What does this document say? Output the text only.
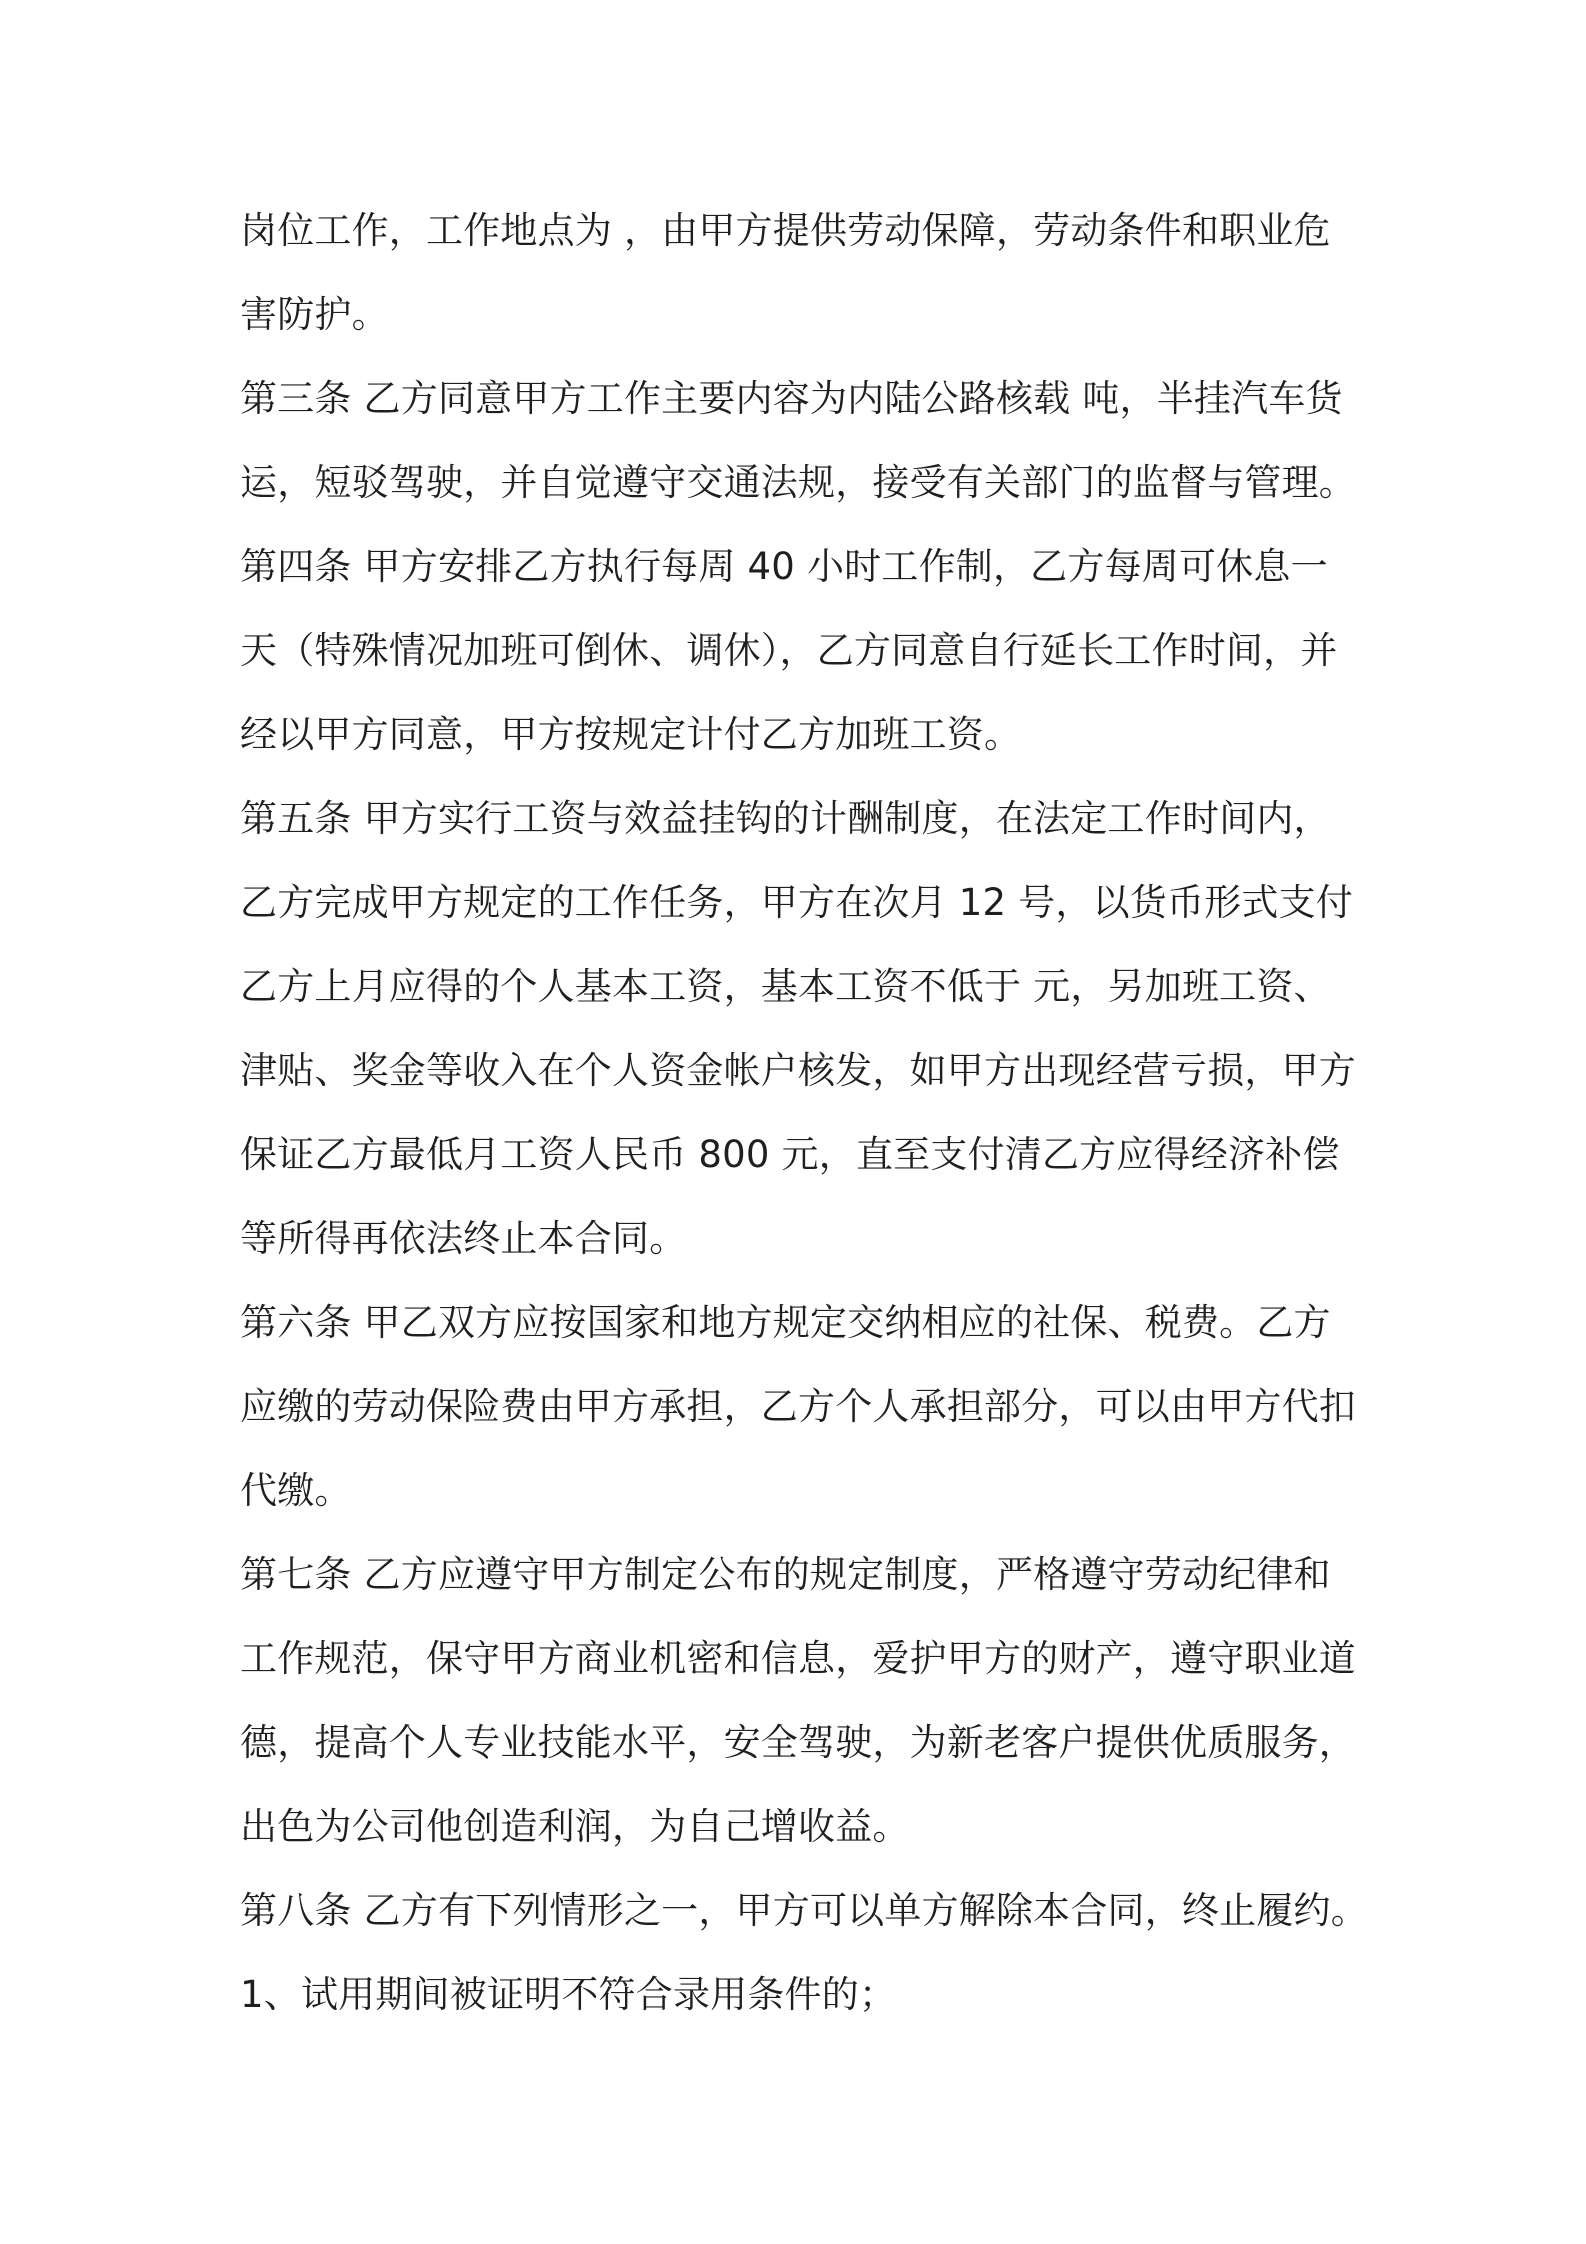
岗位工作，工作地点为 ，由甲方提供劳动保障，劳动条件和职业危

害防护。

第三条 乙方同意甲方工作主要内容为内陆公路核载 吨，半挂汽车货

运，短驳驾驶，并自觉遵守交通法规，接受有关部门的监督与管理。

第四条 甲方安排乙方执行每周 40 小时工作制，乙方每周可休息一

天（特殊情况加班可倒休、调休），乙方同意自行延长工作时间，并

经以甲方同意，甲方按规定计付乙方加班工资。

第五条 甲方实行工资与效益挂钩的计酬制度，在法定工作时间内，

乙方完成甲方规定的工作任务，甲方在次月 12 号，以货币形式支付

乙方上月应得的个人基本工资，基本工资不低于 元，另加班工资、

津贴、奖金等收入在个人资金帐户核发，如甲方出现经营亏损，甲方

保证乙方最低月工资人民币 800 元，直至支付清乙方应得经济补偿

等所得再依法终止本合同。

第六条 甲乙双方应按国家和地方规定交纳相应的社保、税费。乙方

应缴的劳动保险费由甲方承担，乙方个人承担部分，可以由甲方代扣

代缴。

第七条 乙方应遵守甲方制定公布的规定制度，严格遵守劳动纪律和

工作规范，保守甲方商业机密和信息，爱护甲方的财产，遵守职业道

德，提高个人专业技能水平，安全驾驶，为新老客户提供优质服务，

出色为公司他创造利润，为自己增收益。

第八条 乙方有下列情形之一，甲方可以单方解除本合同，终止履约。

1、试用期间被证明不符合录用条件的；
